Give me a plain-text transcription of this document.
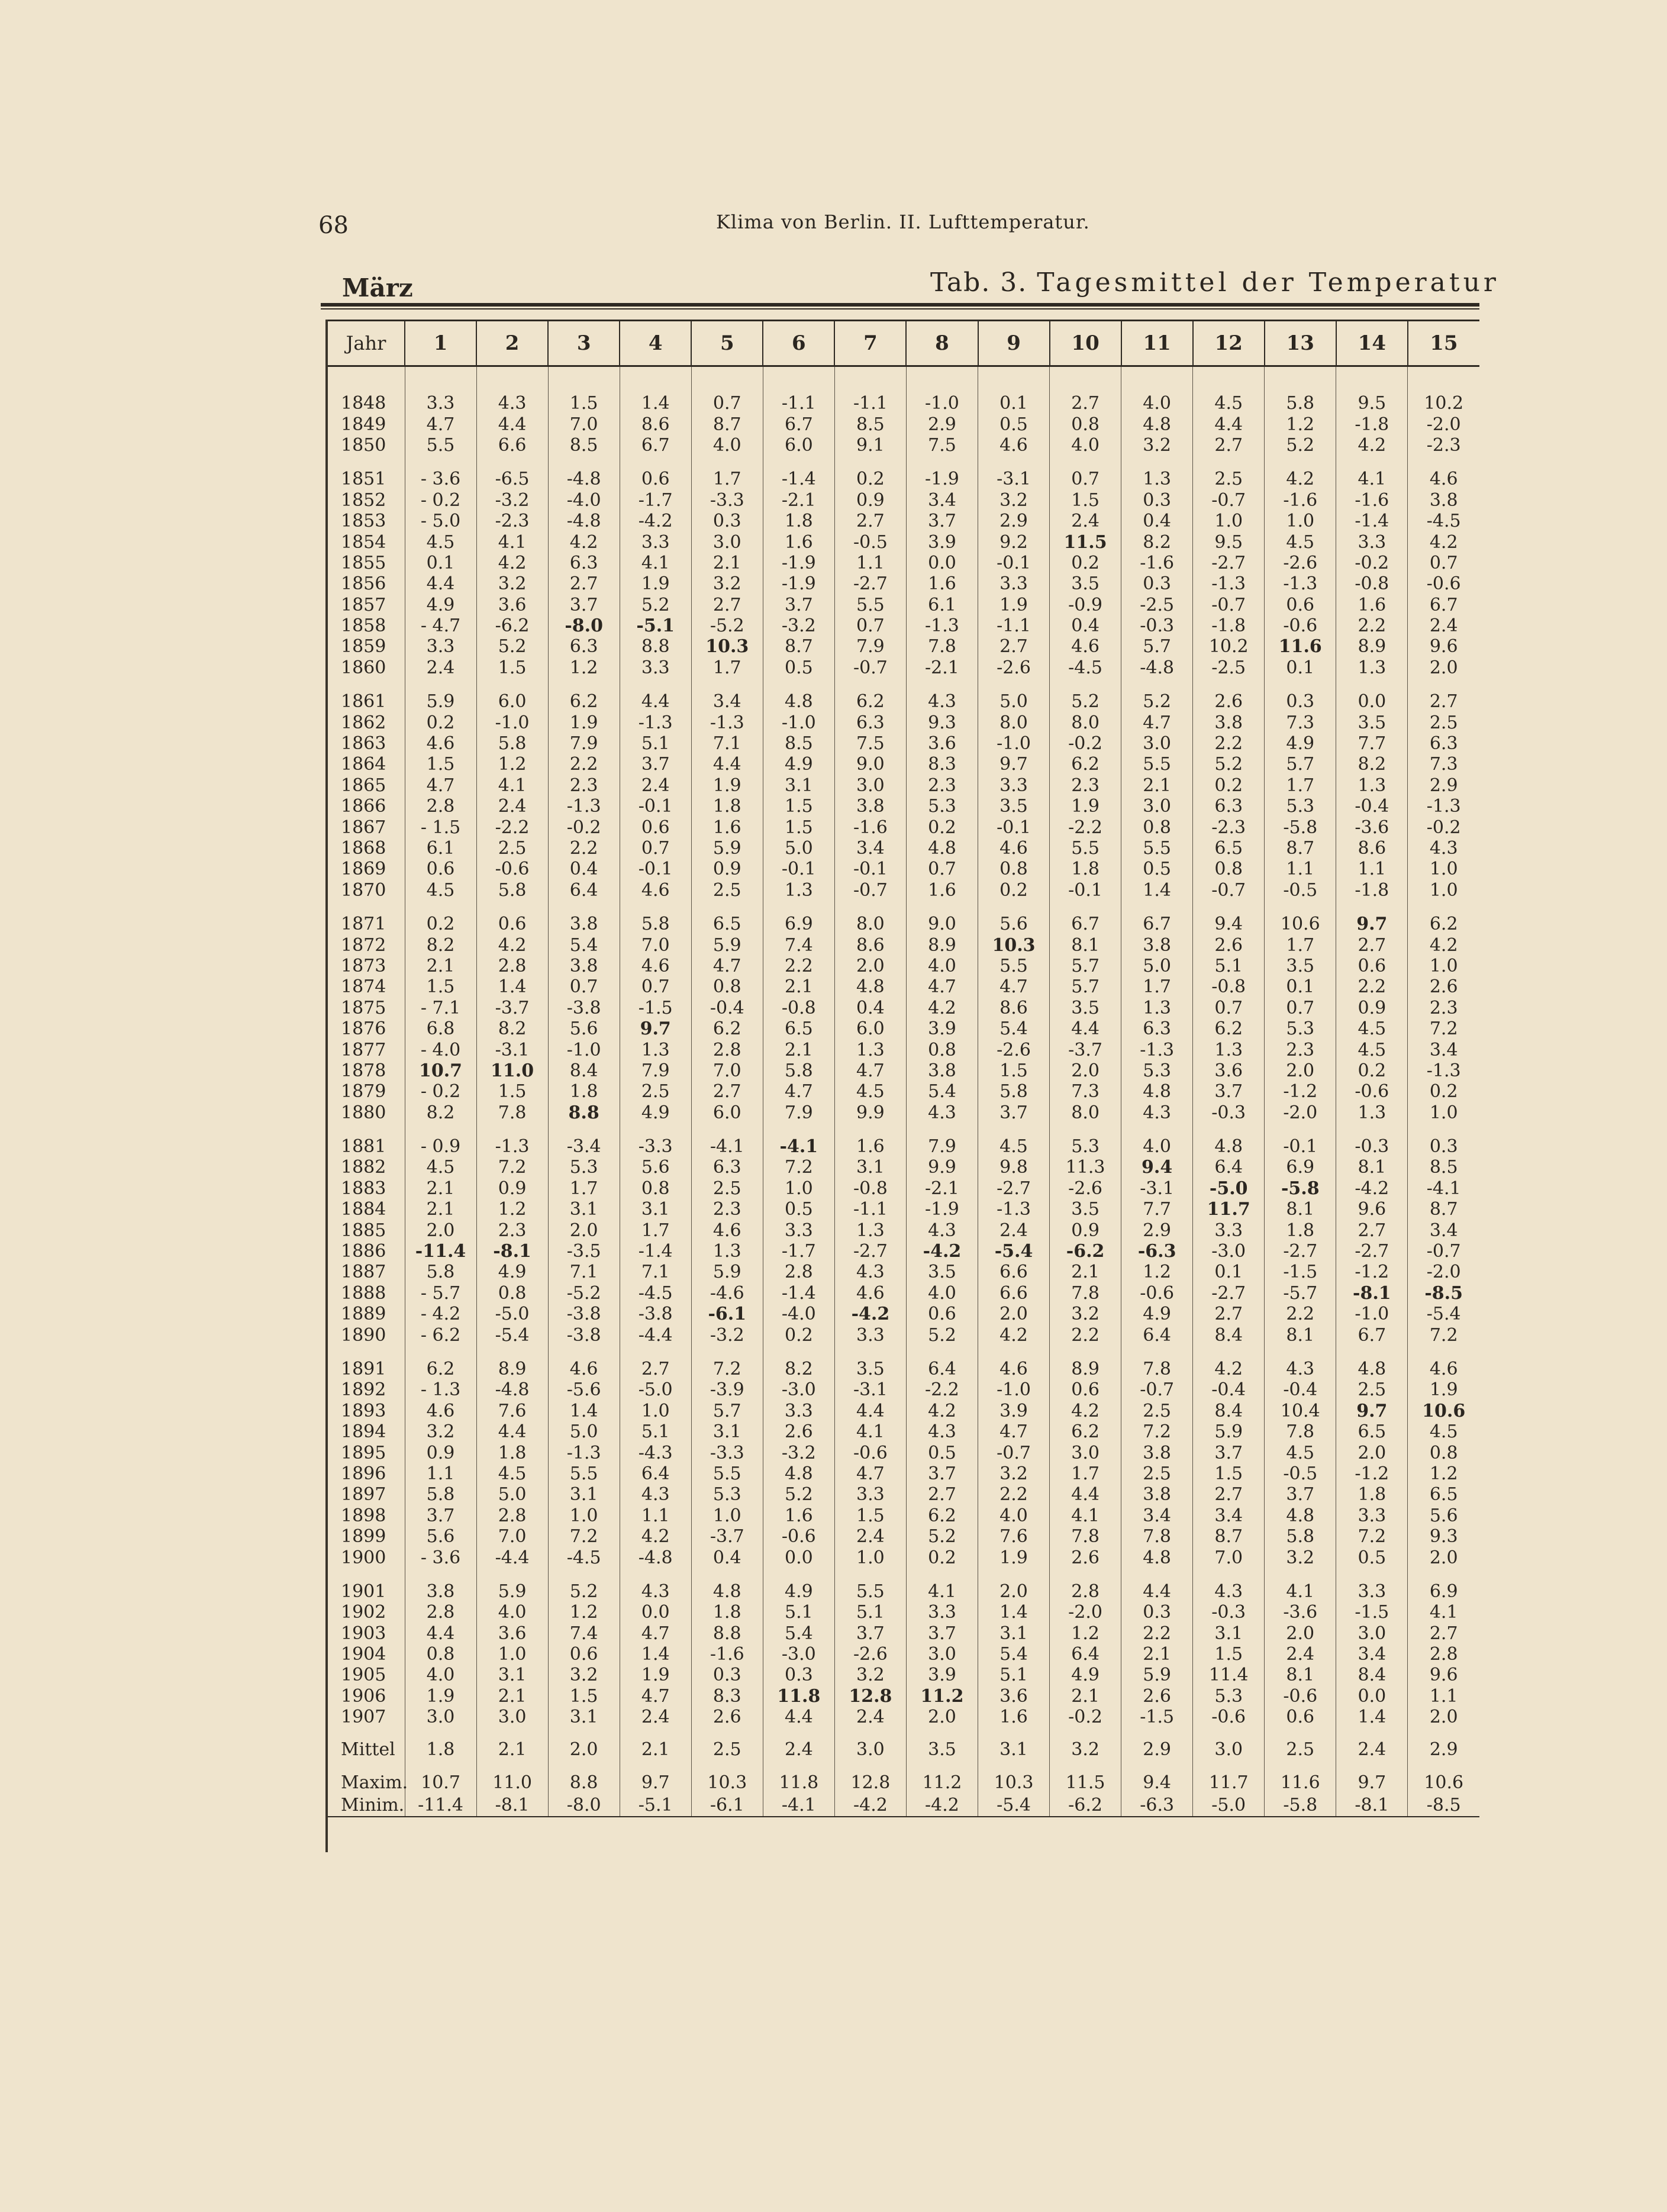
68	Klima von Berlin. II. Lufttemperatur.
März	Tab. 3. Tagesmittel der Temperatur
Jahr	1	2	3	4	5	6	7	8	9	10	11	12	13	14	15

1848	3.3	4.3	1.5	1.4	0.7	-1.1	-1.1	-1.0	0.1	2.7	4.0	4.5	5.8	9.5	10.2
1849	4.7	4.4	7.0	8.6	8.7	6.7	8.5	2.9	0.5	0.8	4.8	4.4	1.2	-1.8	-2.0
1850	5.5	6.6	8.5	6.7	4.0	6.0	9.1	7.5	4.6	4.0	3.2	2.7	5.2	4.2	-2.3

1851	- 3.6	-6.5	-4.8	0.6	1.7	-1.4	0.2	-1.9	-3.1	0.7	1.3	2.5	4.2	4.1	4.6
1852	- 0.2	-3.2	-4.0	-1.7	-3.3	-2.1	0.9	3.4	3.2	1.5	0.3	-0.7	-1.6	-1.6	3.8
1853	- 5.0	-2.3	-4.8	-4.2	0.3	1.8	2.7	3.7	2.9	2.4	0.4	1.0	1.0	-1.4	-4.5
1854	4.5	4.1	4.2	3.3	3.0	1.6	-0.5	3.9	9.2	11.5	8.2	9.5	4.5	3.3	4.2
1855	0.1	4.2	6.3	4.1	2.1	-1.9	1.1	0.0	-0.1	0.2	-1.6	-2.7	-2.6	-0.2	0.7
1856	4.4	3.2	2.7	1.9	3.2	-1.9	-2.7	1.6	3.3	3.5	0.3	-1.3	-1.3	-0.8	-0.6
1857	4.9	3.6	3.7	5.2	2.7	3.7	5.5	6.1	1.9	-0.9	-2.5	-0.7	0.6	1.6	6.7
1858	- 4.7	-6.2	-8.0	-5.1	-5.2	-3.2	0.7	-1.3	-1.1	0.4	-0.3	-1.8	-0.6	2.2	2.4
1859	3.3	5.2	6.3	8.8	10.3	8.7	7.9	7.8	2.7	4.6	5.7	10.2	11.6	8.9	9.6
1860	2.4	1.5	1.2	3.3	1.7	0.5	-0.7	-2.1	-2.6	-4.5	-4.8	-2.5	0.1	1.3	2.0

1861	5.9	6.0	6.2	4.4	3.4	4.8	6.2	4.3	5.0	5.2	5.2	2.6	0.3	0.0	2.7
1862	0.2	-1.0	1.9	-1.3	-1.3	-1.0	6.3	9.3	8.0	8.0	4.7	3.8	7.3	3.5	2.5
1863	4.6	5.8	7.9	5.1	7.1	8.5	7.5	3.6	-1.0	-0.2	3.0	2.2	4.9	7.7	6.3
1864	1.5	1.2	2.2	3.7	4.4	4.9	9.0	8.3	9.7	6.2	5.5	5.2	5.7	8.2	7.3
1865	4.7	4.1	2.3	2.4	1.9	3.1	3.0	2.3	3.3	2.3	2.1	0.2	1.7	1.3	2.9
1866	2.8	2.4	-1.3	-0.1	1.8	1.5	3.8	5.3	3.5	1.9	3.0	6.3	5.3	-0.4	-1.3
1867	- 1.5	-2.2	-0.2	0.6	1.6	1.5	-1.6	0.2	-0.1	-2.2	0.8	-2.3	-5.8	-3.6	-0.2
1868	6.1	2.5	2.2	0.7	5.9	5.0	3.4	4.8	4.6	5.5	5.5	6.5	8.7	8.6	4.3
1869	0.6	-0.6	0.4	-0.1	0.9	-0.1	-0.1	0.7	0.8	1.8	0.5	0.8	1.1	1.1	1.0
1870	4.5	5.8	6.4	4.6	2.5	1.3	-0.7	1.6	0.2	-0.1	1.4	-0.7	-0.5	-1.8	1.0

1871	0.2	0.6	3.8	5.8	6.5	6.9	8.0	9.0	5.6	6.7	6.7	9.4	10.6	9.7	6.2
1872	8.2	4.2	5.4	7.0	5.9	7.4	8.6	8.9	10.3	8.1	3.8	2.6	1.7	2.7	4.2
1873	2.1	2.8	3.8	4.6	4.7	2.2	2.0	4.0	5.5	5.7	5.0	5.1	3.5	0.6	1.0
1874	1.5	1.4	0.7	0.7	0.8	2.1	4.8	4.7	4.7	5.7	1.7	-0.8	0.1	2.2	2.6
1875	- 7.1	-3.7	-3.8	-1.5	-0.4	-0.8	0.4	4.2	8.6	3.5	1.3	0.7	0.7	0.9	2.3
1876	6.8	8.2	5.6	9.7	6.2	6.5	6.0	3.9	5.4	4.4	6.3	6.2	5.3	4.5	7.2
1877	- 4.0	-3.1	-1.0	1.3	2.8	2.1	1.3	0.8	-2.6	-3.7	-1.3	1.3	2.3	4.5	3.4
1878	10.7	11.0	8.4	7.9	7.0	5.8	4.7	3.8	1.5	2.0	5.3	3.6	2.0	0.2	-1.3
1879	- 0.2	1.5	1.8	2.5	2.7	4.7	4.5	5.4	5.8	7.3	4.8	3.7	-1.2	-0.6	0.2
1880	8.2	7.8	8.8	4.9	6.0	7.9	9.9	4.3	3.7	8.0	4.3	-0.3	-2.0	1.3	1.0

1881	- 0.9	-1.3	-3.4	-3.3	-4.1	-4.1	1.6	7.9	4.5	5.3	4.0	4.8	-0.1	-0.3	0.3
1882	4.5	7.2	5.3	5.6	6.3	7.2	3.1	9.9	9.8	11.3	9.4	6.4	6.9	8.1	8.5
1883	2.1	0.9	1.7	0.8	2.5	1.0	-0.8	-2.1	-2.7	-2.6	-3.1	-5.0	-5.8	-4.2	-4.1
1884	2.1	1.2	3.1	3.1	2.3	0.5	-1.1	-1.9	-1.3	3.5	7.7	11.7	8.1	9.6	8.7
1885	2.0	2.3	2.0	1.7	4.6	3.3	1.3	4.3	2.4	0.9	2.9	3.3	1.8	2.7	3.4
1886	-11.4	-8.1	-3.5	-1.4	1.3	-1.7	-2.7	-4.2	-5.4	-6.2	-6.3	-3.0	-2.7	-2.7	-0.7
1887	5.8	4.9	7.1	7.1	5.9	2.8	4.3	3.5	6.6	2.1	1.2	0.1	-1.5	-1.2	-2.0
1888	- 5.7	0.8	-5.2	-4.5	-4.6	-1.4	4.6	4.0	6.6	7.8	-0.6	-2.7	-5.7	-8.1	-8.5
1889	- 4.2	-5.0	-3.8	-3.8	-6.1	-4.0	-4.2	0.6	2.0	3.2	4.9	2.7	2.2	-1.0	-5.4
1890	- 6.2	-5.4	-3.8	-4.4	-3.2	0.2	3.3	5.2	4.2	2.2	6.4	8.4	8.1	6.7	7.2

1891	6.2	8.9	4.6	2.7	7.2	8.2	3.5	6.4	4.6	8.9	7.8	4.2	4.3	4.8	4.6
1892	- 1.3	-4.8	-5.6	-5.0	-3.9	-3.0	-3.1	-2.2	-1.0	0.6	-0.7	-0.4	-0.4	2.5	1.9
1893	4.6	7.6	1.4	1.0	5.7	3.3	4.4	4.2	3.9	4.2	2.5	8.4	10.4	9.7	10.6
1894	3.2	4.4	5.0	5.1	3.1	2.6	4.1	4.3	4.7	6.2	7.2	5.9	7.8	6.5	4.5
1895	0.9	1.8	-1.3	-4.3	-3.3	-3.2	-0.6	0.5	-0.7	3.0	3.8	3.7	4.5	2.0	0.8
1896	1.1	4.5	5.5	6.4	5.5	4.8	4.7	3.7	3.2	1.7	2.5	1.5	-0.5	-1.2	1.2
1897	5.8	5.0	3.1	4.3	5.3	5.2	3.3	2.7	2.2	4.4	3.8	2.7	3.7	1.8	6.5
1898	3.7	2.8	1.0	1.1	1.0	1.6	1.5	6.2	4.0	4.1	3.4	3.4	4.8	3.3	5.6
1899	5.6	7.0	7.2	4.2	-3.7	-0.6	2.4	5.2	7.6	7.8	7.8	8.7	5.8	7.2	9.3
1900	- 3.6	-4.4	-4.5	-4.8	0.4	0.0	1.0	0.2	1.9	2.6	4.8	7.0	3.2	0.5	2.0

1901	3.8	5.9	5.2	4.3	4.8	4.9	5.5	4.1	2.0	2.8	4.4	4.3	4.1	3.3	6.9
1902	2.8	4.0	1.2	0.0	1.8	5.1	5.1	3.3	1.4	-2.0	0.3	-0.3	-3.6	-1.5	4.1
1903	4.4	3.6	7.4	4.7	8.8	5.4	3.7	3.7	3.1	1.2	2.2	3.1	2.0	3.0	2.7
1904	0.8	1.0	0.6	1.4	-1.6	-3.0	-2.6	3.0	5.4	6.4	2.1	1.5	2.4	3.4	2.8
1905	4.0	3.1	3.2	1.9	0.3	0.3	3.2	3.9	5.1	4.9	5.9	11.4	8.1	8.4	9.6
1906	1.9	2.1	1.5	4.7	8.3	11.8	12.8	11.2	3.6	2.1	2.6	5.3	-0.6	0.0	1.1
1907	3.0	3.0	3.1	2.4	2.6	4.4	2.4	2.0	1.6	-0.2	-1.5	-0.6	0.6	1.4	2.0
Mittel	1.8	2.1	2.0	2.1	2.5	2.4	3.0	3.5	3.1	3.2	2.9	3.0	2.5	2.4	2.9
Maxim.	10.7	11.0	8.8	9.7	10.3	11.8	12.8	11.2	10.3	11.5	9.4	11.7	11.6	9.7	10.6
Minim.	-11.4	-8.1	-8.0	-5.1	-6.1	-4.1	-4.2	-4.2	-5.4	-6.2	-6.3	-5.0	-5.8	-8.1	-8.5
